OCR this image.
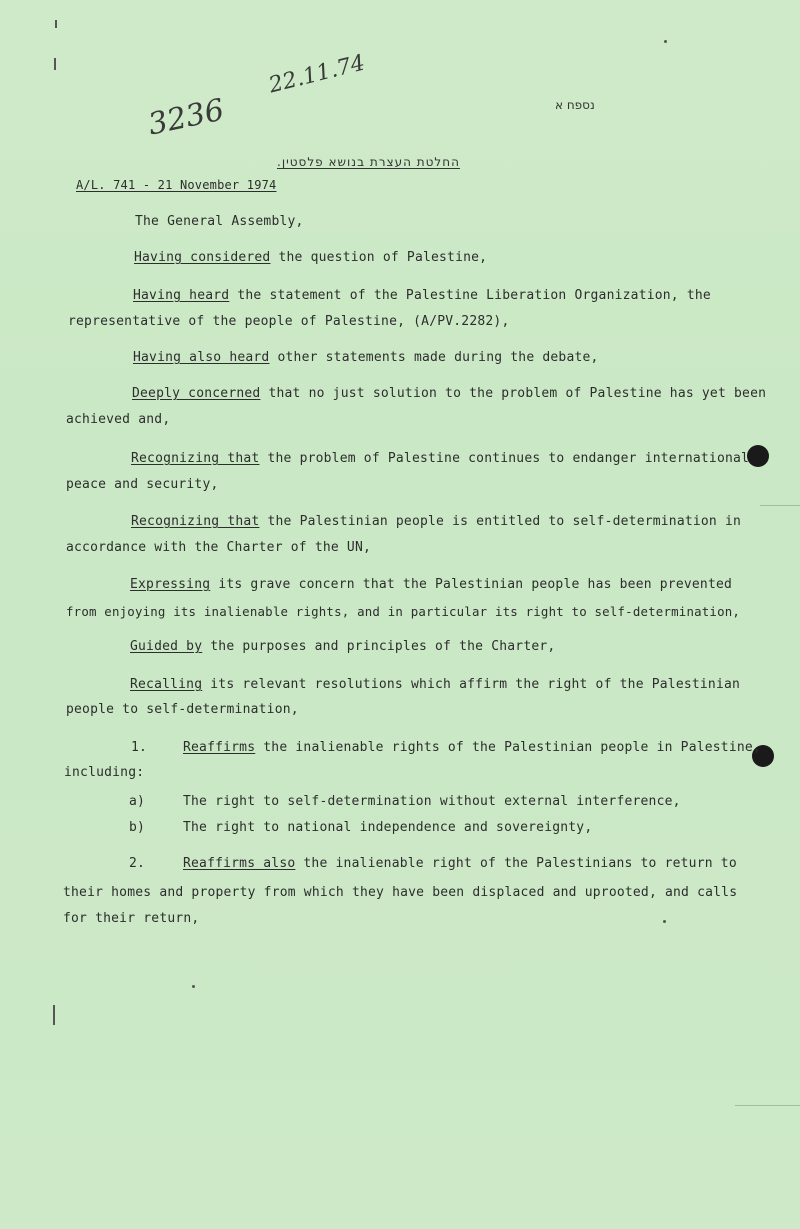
3236
22.11.74
נספח א
החלטת העצרת בנושא פלסטין.
A/L. 741 - 21 November 1974
The General Assembly,
Having considered the question of Palestine,
Having heard the statement of the Palestine Liberation Organization, the
representative of the people of Palestine, (A/PV.2282),
Having also heard other statements made during the debate,
Deeply concerned that no just solution to the problem of Palestine has yet been
achieved and,
Recognizing that the problem of Palestine continues to endanger international
peace and security,
Recognizing that the Palestinian people is entitled to self-determination in
accordance with the Charter of the UN,
Expressing its grave concern that the Palestinian people has been prevented
from enjoying its inalienable rights, and in particular its right to self-determination,
Guided by the purposes and principles of the Charter,
Recalling its relevant resolutions which affirm the right of the Palestinian
people to self-determination,
1.	Reaffirms the inalienable rights of the Palestinian people in Palestine,
including:
a)	The right to self-determination without external interference,
b)	The right to national independence and sovereignty,
2.	Reaffirms also the inalienable right of the Palestinians to return to
their homes and property from which they have been displaced and uprooted, and calls
for their return,
